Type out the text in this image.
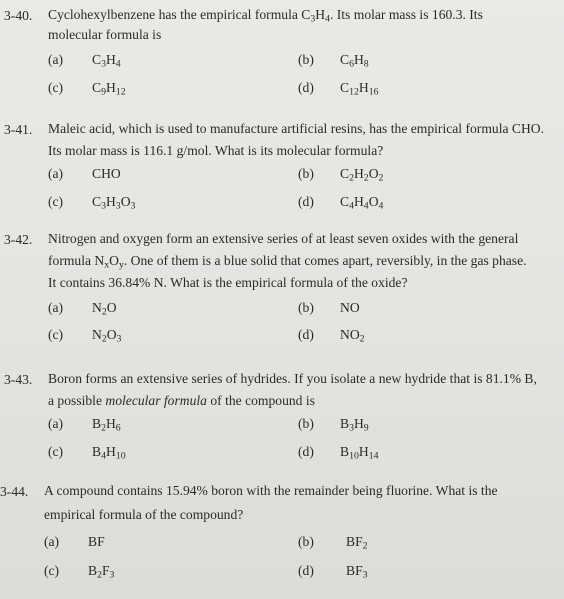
3-40. Cyclohexylbenzene has the empirical formula $C_3H_4$. Its molar mass is 160.3. Its
molecular formula is
(a) $C_3H_4$	(b) $C_6H_8$
(c) $C_9H_{12}$	(d) $C_{12}H_{16}$
3-41. Maleic acid, which is used to manufacture artificial resins, has the empirical formula CHO.
Its molar mass is 116.1 g/mol. What is its molecular formula?
(a) CHO	(b) $C_2H_2O_2$
(c) $C_3H_3O_3$	(d) $C_4H_4O_4$
3-42. Nitrogen and oxygen form an extensive series of at least seven oxides with the general
formula $N_xO_y$. One of them is a blue solid that comes apart, reversibly, in the gas phase.
It contains 36.84% N. What is the empirical formula of the oxide?
(a) $N_2O$	(b) NO
(c) $N_2O_3$	(d) $NO_2$
3-43. Boron forms an extensive series of hydrides. If you isolate a new hydride that is 81.1% B,
a possible molecular formula of the compound is
(a) $B_2H_6$	(b) $B_3H_9$
(c) $B_4H_{10}$	(d) $B_{10}H_{14}$
3-44. A compound contains 15.94% boron with the remainder being fluorine. What is the
empirical formula of the compound?
(a) BF	(b) $BF_2$
(c) $B_2F_3$	(d) $BF_3$
